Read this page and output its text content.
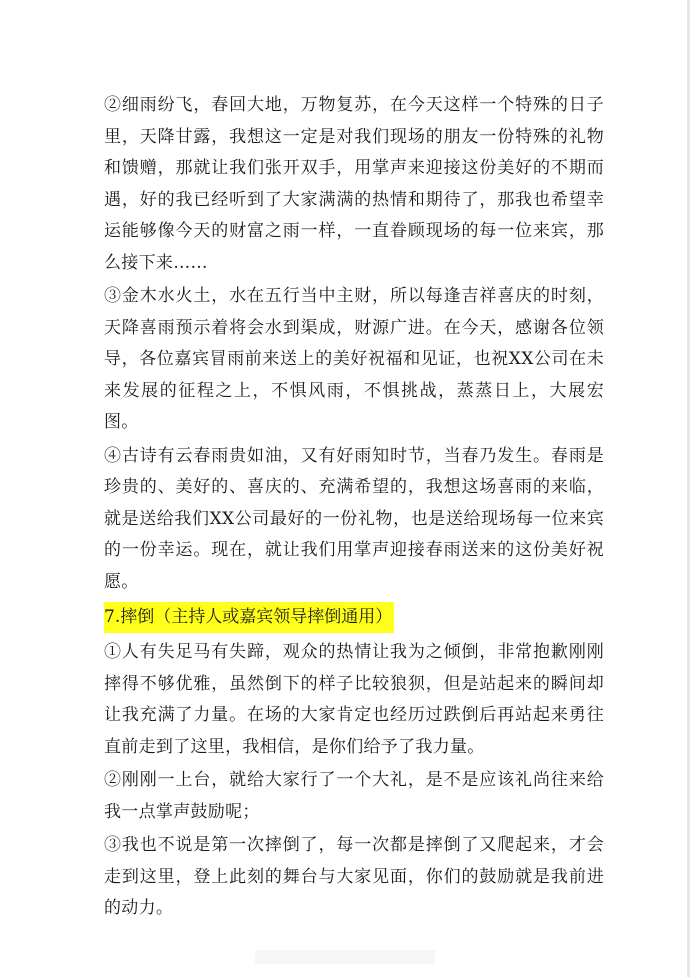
②细雨纷飞，春回大地，万物复苏，在今天这样一个特殊的日子里，天降甘露，我想这一定是对我们现场的朋友一份特殊的礼物和馈赠，那就让我们张开双手，用掌声来迎接这份美好的不期而遇，好的我已经听到了大家满满的热情和期待了，那我也希望幸运能够像今天的财富之雨一样，一直眷顾现场的每一位来宾，那么接下来……

③金木水火土，水在五行当中主财，所以每逢吉祥喜庆的时刻，天降喜雨预示着将会水到渠成，财源广进。在今天，感谢各位领导，各位嘉宾冒雨前来送上的美好祝福和见证，也祝XX公司在未来发展的征程之上，不惧风雨，不惧挑战，蒸蒸日上，大展宏图。

④古诗有云春雨贵如油，又有好雨知时节，当春乃发生。春雨是珍贵的、美好的、喜庆的、充满希望的，我想这场喜雨的来临，就是送给我们XX公司最好的一份礼物，也是送给现场每一位来宾的一份幸运。现在，就让我们用掌声迎接春雨送来的这份美好祝愿。

7.摔倒（主持人或嘉宾领导摔倒通用）

①人有失足马有失蹄，观众的热情让我为之倾倒，非常抱歉刚刚摔得不够优雅，虽然倒下的样子比较狼狈，但是站起来的瞬间却让我充满了力量。在场的大家肯定也经历过跌倒后再站起来勇往直前走到了这里，我相信，是你们给予了我力量。

②刚刚一上台，就给大家行了一个大礼，是不是应该礼尚往来给我一点掌声鼓励呢；

③我也不说是第一次摔倒了，每一次都是摔倒了又爬起来，才会走到这里，登上此刻的舞台与大家见面，你们的鼓励就是我前进的动力。
